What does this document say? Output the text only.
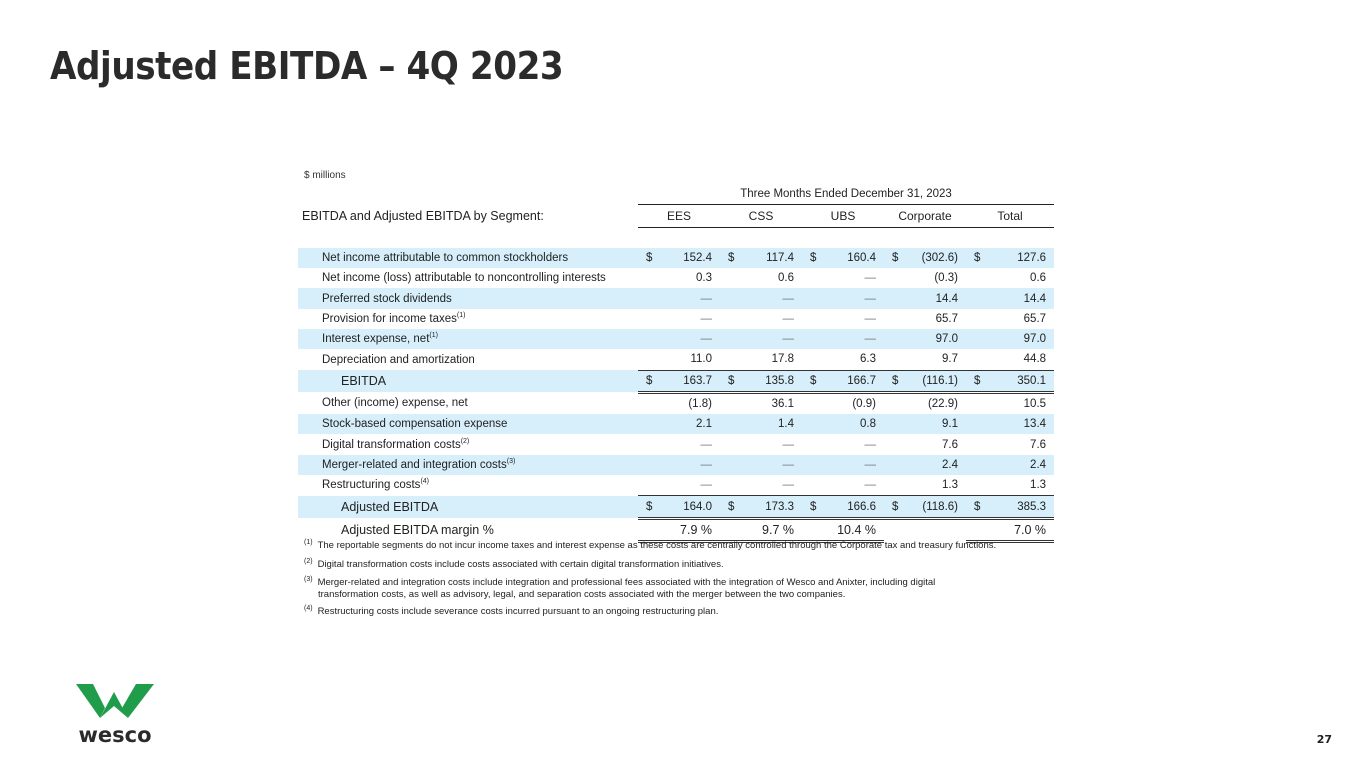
Adjusted EBITDA – 4Q 2023
$ millions
	Three Months Ended December 31, 2023									
EBITDA and Adjusted EBITDA by Segment:	EES		CSS		UBS		Corporate		Total	

Net income attributable to common stockholders	$	152.4	$	117.4	$	160.4	$	(302.6)	$	127.6
Net income (loss) attributable to noncontrolling interests		0.3		0.6		—		(0.3)		0.6
Preferred stock dividends		—		—		—		14.4		14.4
Provision for income taxes$^{(1)}$		—		—		—		65.7		65.7
Interest expense, net$^{(1)}$		—		—		—		97.0		97.0
Depreciation and amortization		11.0		17.8		6.3		9.7		44.8
EBITDA	$	163.7	$	135.8	$	166.7	$	(116.1)	$	350.1
Other (income) expense, net		(1.8)		36.1		(0.9)		(22.9)		10.5
Stock-based compensation expense		2.1		1.4		0.8		9.1		13.4
Digital transformation costs$^{(2)}$		—		—		—		7.6		7.6
Merger-related and integration costs$^{(3)}$		—		—		—		2.4		2.4
Restructuring costs$^{(4)}$		—		—		—		1.3		1.3
Adjusted EBITDA	$	164.0	$	173.3	$	166.6	$	(118.6)	$	385.3
Adjusted EBITDA margin %		7.9 %		9.7 %		10.4 %				7.0 %
$^{(1)}$ The reportable segments do not incur income taxes and interest expense as these costs are centrally controlled through the Corporate tax and treasury functions.
$^{(2)}$ Digital transformation costs include costs associated with certain digital transformation initiatives.
$^{(3)}$ Merger-related and integration costs include integration and professional fees associated with the integration of Wesco and Anixter, including digital
transformation costs, as well as advisory, legal, and separation costs associated with the merger between the two companies.
$^{(4)}$ Restructuring costs include severance costs incurred pursuant to an ongoing restructuring plan.
wesco	27
